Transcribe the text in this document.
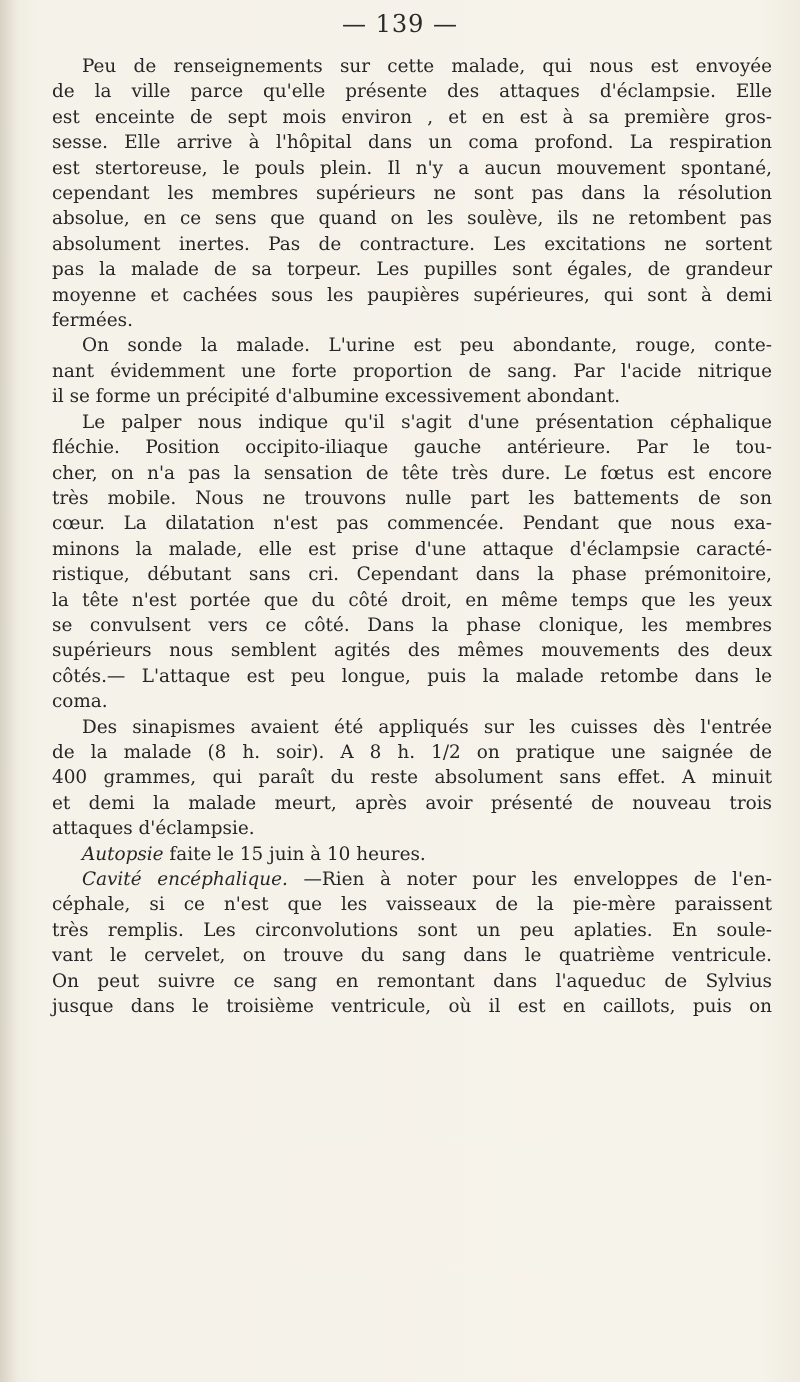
— 139 —
Peu de renseignements sur cette malade, qui nous est envoyée
de la ville parce qu'elle présente des attaques d'éclampsie. Elle
est enceinte de sept mois environ , et en est à sa première gros-
sesse. Elle arrive à l'hôpital dans un coma profond. La respiration
est stertoreuse, le pouls plein. Il n'y a aucun mouvement spontané,
cependant les membres supérieurs ne sont pas dans la résolution
absolue, en ce sens que quand on les soulève, ils ne retombent pas
absolument inertes. Pas de contracture. Les excitations ne sortent
pas la malade de sa torpeur. Les pupilles sont égales, de grandeur
moyenne et cachées sous les paupières supérieures, qui sont à demi
fermées.
On sonde la malade. L'urine est peu abondante, rouge, conte-
nant évidemment une forte proportion de sang. Par l'acide nitrique
il se forme un précipité d'albumine excessivement abondant.
Le palper nous indique qu'il s'agit d'une présentation céphalique
fléchie. Position occipito-iliaque gauche antérieure. Par le tou-
cher, on n'a pas la sensation de tête très dure. Le fœtus est encore
très mobile. Nous ne trouvons nulle part les battements de son
cœur. La dilatation n'est pas commencée. Pendant que nous exa-
minons la malade, elle est prise d'une attaque d'éclampsie caracté-
ristique, débutant sans cri. Cependant dans la phase prémonitoire,
la tête n'est portée que du côté droit, en même temps que les yeux
se convulsent vers ce côté. Dans la phase clonique, les membres
supérieurs nous semblent agités des mêmes mouvements des deux
côtés.— L'attaque est peu longue, puis la malade retombe dans le
coma.
Des sinapismes avaient été appliqués sur les cuisses dès l'entrée
de la malade (8 h. soir). A 8 h. 1/2 on pratique une saignée de
400 grammes, qui paraît du reste absolument sans effet. A minuit
et demi la malade meurt, après avoir présenté de nouveau trois
attaques d'éclampsie.
Autopsie faite le 15 juin à 10 heures.
Cavité encéphalique. —Rien à noter pour les enveloppes de l'en-
céphale, si ce n'est que les vaisseaux de la pie-mère paraissent
très remplis. Les circonvolutions sont un peu aplaties. En soule-
vant le cervelet, on trouve du sang dans le quatrième ventricule.
On peut suivre ce sang en remontant dans l'aqueduc de Sylvius
jusque dans le troisième ventricule, où il est en caillots, puis on
